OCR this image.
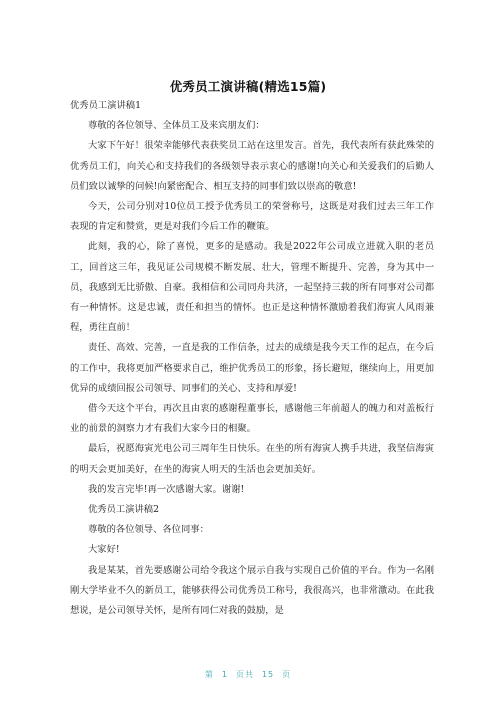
优秀员工演讲稿(精选15篇)

优秀员工演讲稿1

尊敬的各位领导、全体员工及来宾朋友们：

大家下午好！很荣幸能够代表获奖员工站在这里发言。首先，我代表所有获此殊荣的优秀员工们，向关心和支持我们的各级领导表示衷心的感谢!向关心和关爱我们的后勤人员们致以诚挚的问候!向紧密配合、相互支持的同事们致以崇高的敬意!

今天，公司分别对10位员工授予优秀员工的荣誉称号，这既是对我们过去三年工作表现的肯定和赞赏，更是对我们今后工作的鞭策。

此刻，我的心，除了喜悦，更多的是感动。我是2022年公司成立进就入职的老员工，回首这三年，我见证公司规模不断发展、壮大，管理不断提升、完善，身为其中一员，我感到无比骄傲、自豪。我相信和公司同舟共济，一起坚持三载的所有同事对公司都有一种情怀。这是忠诚，责任和担当的情怀。也正是这种情怀激励着我们海寅人风雨兼程，勇往直前！

责任、高效、完善，一直是我的工作信条，过去的成绩是我今天工作的起点，在今后的工作中，我将更加严格要求自己，维护优秀员工的形象，扬长避短，继续向上，用更加优异的成绩回报公司领导、同事们的关心、支持和厚爱!

借今天这个平台，再次且由衷的感谢程董事长，感谢他三年前超人的魄力和对盖板行业的前景的洞察力才有我们大家今日的相聚。

最后，祝愿海寅光电公司三周年生日快乐。在坐的所有海寅人携手共进，我坚信海寅的明天会更加美好，在坐的海寅人明天的生活也会更加美好。

我的发言完毕!再一次感谢大家。谢谢!

优秀员工演讲稿2

尊敬的各位领导、各位同事：

大家好!

我是某某，首先要感谢公司给令我这个展示自我与实现自己价值的平台。作为一名刚刚大学毕业不久的新员工，能够获得公司优秀员工称号，我很高兴，也非常激动。在此我想说，是公司领导关怀，是所有同仁对我的鼓励，是

第 1 页共 15 页
